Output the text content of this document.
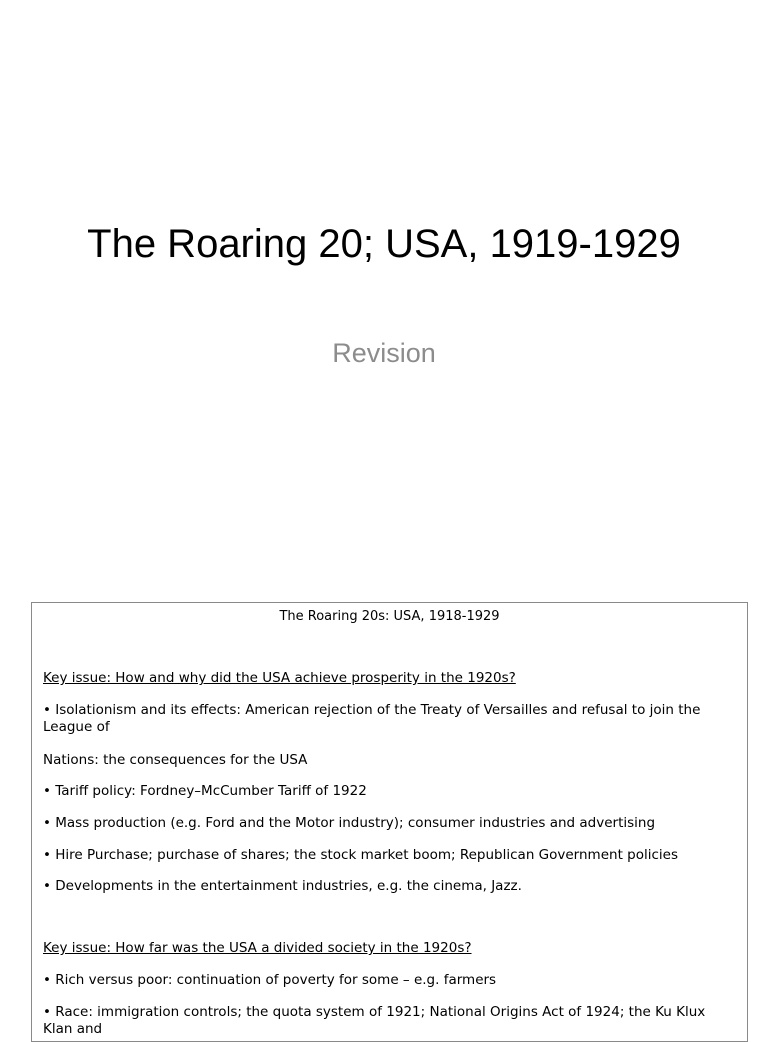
The Roaring 20; USA, 1919-1929
Revision
The Roaring 20s: USA, 1918-1929
Key issue: How and why did the USA achieve prosperity in the 1920s?
• Isolationism and its effects: American rejection of the Treaty of Versailles and refusal to join the League of
Nations: the consequences for the USA
• Tariff policy: Fordney–McCumber Tariff of 1922
• Mass production (e.g. Ford and the Motor industry); consumer industries and advertising
• Hire Purchase; purchase of shares; the stock market boom; Republican Government policies
• Developments in the entertainment industries, e.g. the cinema, Jazz.
Key issue: How far was the USA a divided society in the 1920s?
• Rich versus poor: continuation of poverty for some – e.g. farmers
• Race: immigration controls; the quota system of 1921; National Origins Act of 1924; the Ku Klux Klan and
